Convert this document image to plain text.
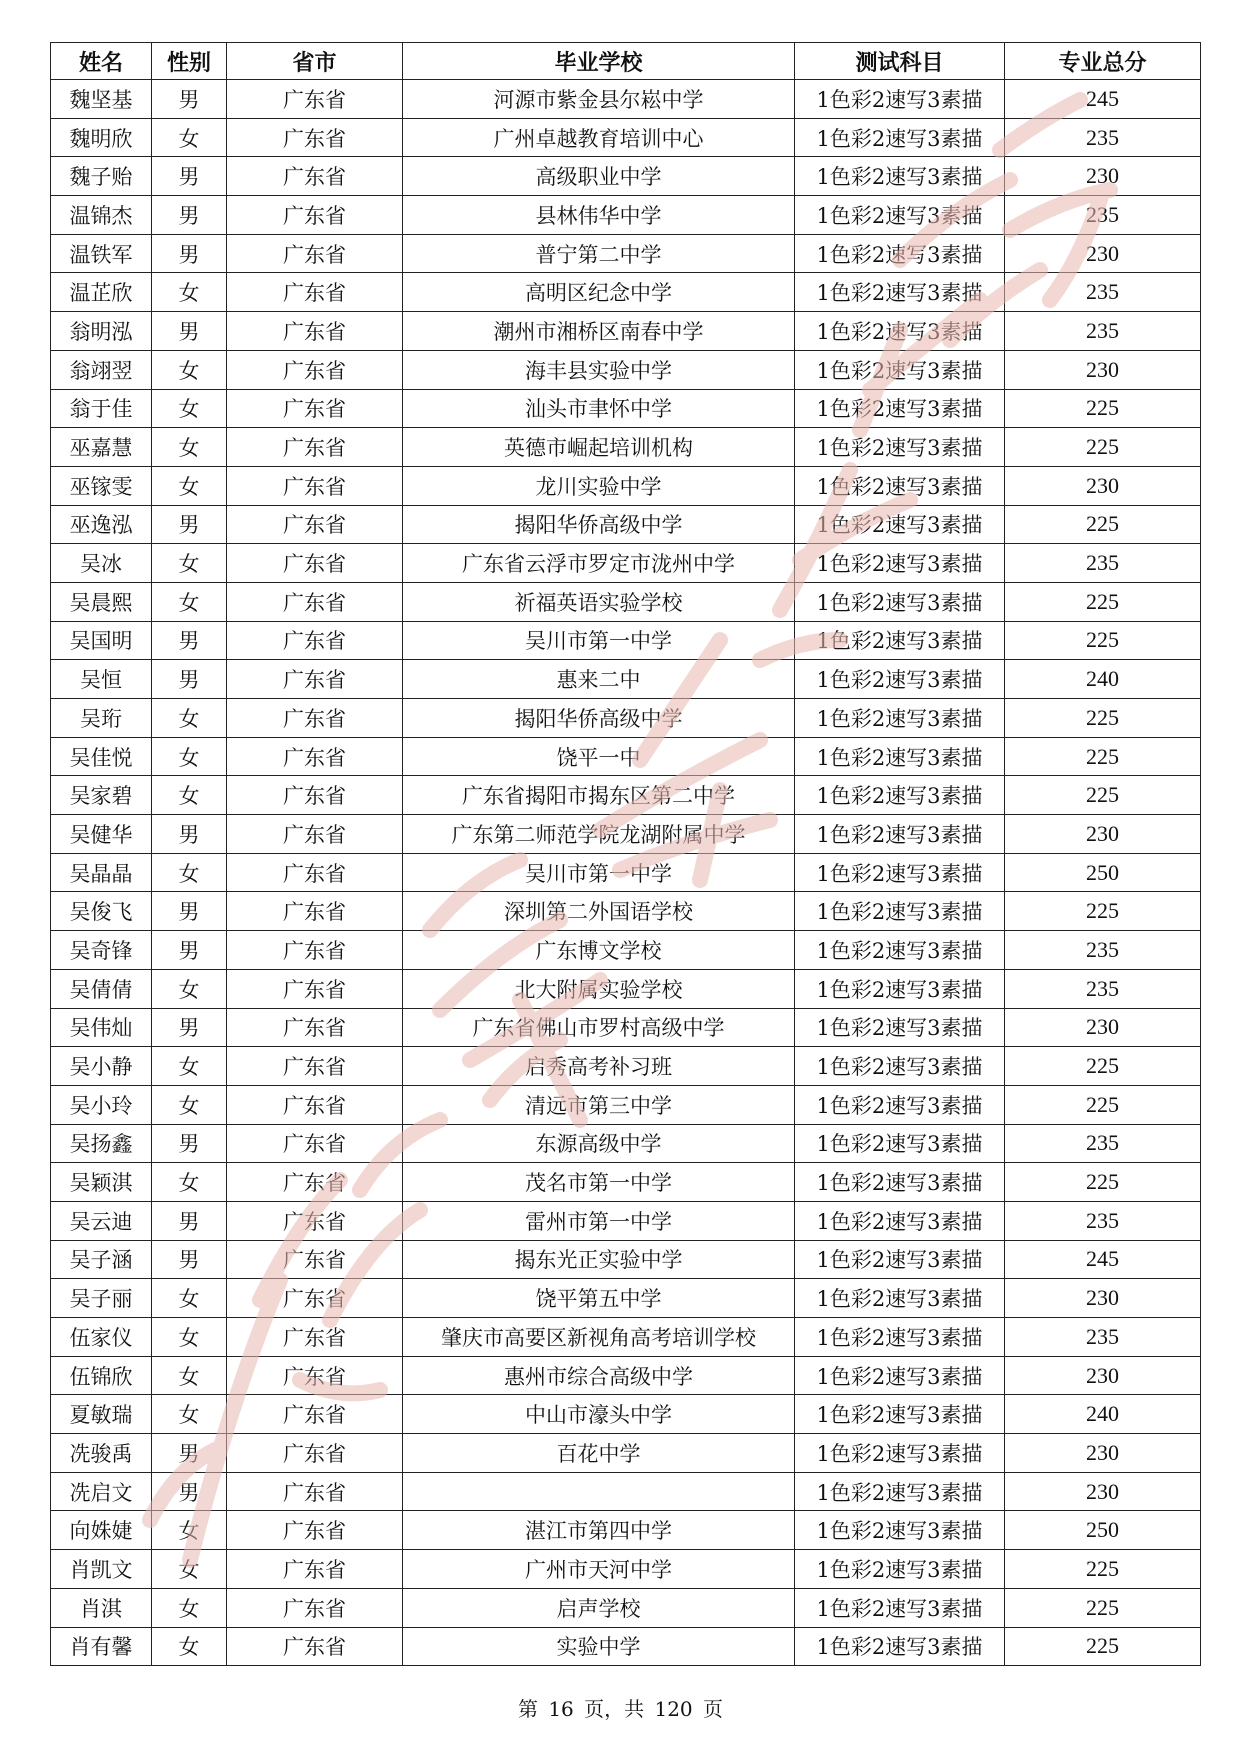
姓名	性别	省市	毕业学校	测试科目	专业总分
魏坚基	男	广东省	河源市紫金县尔崧中学	1色彩2速写3素描	245
魏明欣	女	广东省	广州卓越教育培训中心	1色彩2速写3素描	235
魏子贻	男	广东省	高级职业中学	1色彩2速写3素描	230
温锦杰	男	广东省	县林伟华中学	1色彩2速写3素描	235
温铁军	男	广东省	普宁第二中学	1色彩2速写3素描	230
温芷欣	女	广东省	高明区纪念中学	1色彩2速写3素描	235
翁明泓	男	广东省	潮州市湘桥区南春中学	1色彩2速写3素描	235
翁翊翌	女	广东省	海丰县实验中学	1色彩2速写3素描	230
翁于佳	女	广东省	汕头市聿怀中学	1色彩2速写3素描	225
巫嘉慧	女	广东省	英德市崛起培训机构	1色彩2速写3素描	225
巫镓雯	女	广东省	龙川实验中学	1色彩2速写3素描	230
巫逸泓	男	广东省	揭阳华侨高级中学	1色彩2速写3素描	225
吴冰	女	广东省	广东省云浮市罗定市泷州中学	1色彩2速写3素描	235
吴晨熙	女	广东省	祈福英语实验学校	1色彩2速写3素描	225
吴国明	男	广东省	吴川市第一中学	1色彩2速写3素描	225
吴恒	男	广东省	惠来二中	1色彩2速写3素描	240
吴珩	女	广东省	揭阳华侨高级中学	1色彩2速写3素描	225
吴佳悦	女	广东省	饶平一中	1色彩2速写3素描	225
吴家碧	女	广东省	广东省揭阳市揭东区第二中学	1色彩2速写3素描	225
吴健华	男	广东省	广东第二师范学院龙湖附属中学	1色彩2速写3素描	230
吴晶晶	女	广东省	吴川市第一中学	1色彩2速写3素描	250
吴俊飞	男	广东省	深圳第二外国语学校	1色彩2速写3素描	225
吴奇锋	男	广东省	广东博文学校	1色彩2速写3素描	235
吴倩倩	女	广东省	北大附属实验学校	1色彩2速写3素描	235
吴伟灿	男	广东省	广东省佛山市罗村高级中学	1色彩2速写3素描	230
吴小静	女	广东省	启秀高考补习班	1色彩2速写3素描	225
吴小玲	女	广东省	清远市第三中学	1色彩2速写3素描	225
吴扬鑫	男	广东省	东源高级中学	1色彩2速写3素描	235
吴颖淇	女	广东省	茂名市第一中学	1色彩2速写3素描	225
吴云迪	男	广东省	雷州市第一中学	1色彩2速写3素描	235
吴子涵	男	广东省	揭东光正实验中学	1色彩2速写3素描	245
吴子丽	女	广东省	饶平第五中学	1色彩2速写3素描	230
伍家仪	女	广东省	肇庆市高要区新视角高考培训学校	1色彩2速写3素描	235
伍锦欣	女	广东省	惠州市综合高级中学	1色彩2速写3素描	230
夏敏瑞	女	广东省	中山市濠头中学	1色彩2速写3素描	240
冼骏禹	男	广东省	百花中学	1色彩2速写3素描	230
冼启文	男	广东省		1色彩2速写3素描	230
向姝婕	女	广东省	湛江市第四中学	1色彩2速写3素描	250
肖凯文	女	广东省	广州市天河中学	1色彩2速写3素描	225
肖淇	女	广东省	启声学校	1色彩2速写3素描	225
肖有馨	女	广东省	实验中学	1色彩2速写3素描	225
第 16 页，共 120 页
